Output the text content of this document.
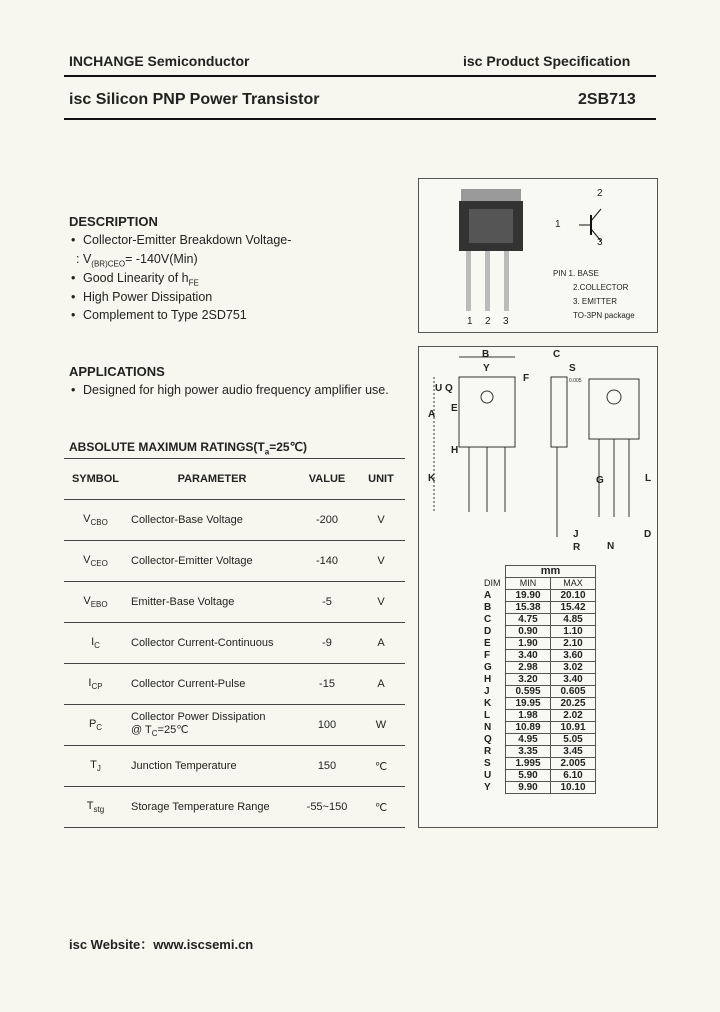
INCHANGE Semiconductor	isc Product Specification
isc Silicon PNP Power Transistor	2SB713
DESCRIPTION
• Collector-Emitter Breakdown Voltage-
: $V_{(BR)CEO}= -140V(Min)$
• Good Linearity of $h_{FE}$
• High Power Dissipation
• Complement to Type 2SD751
APPLICATIONS
• Designed for high power audio frequency amplifier use.
ABSOLUTE MAXIMUM $RATINGS(T_a=25℃)$
SYMBOL	PARAMETER	VALUE	UNIT
$V_{CBO}$	Collector-Base Voltage	-200	V
$V_{CEO}$	Collector-Emitter Voltage	-140	V
$V_{EBO}$	Emitter-Base Voltage	-5	V
$I_C$	Collector Current-Continuous	-9	A
$I_{CP}$	Collector Current-Pulse	-15	A
$P_C$	Collector Power Dissipation
@ $T_C=25℃$	100	W
$T_J$	Junction Temperature	150	℃
$T_{stg}$	Storage Temperature Range	-55~150	℃
1 2 3
1
2
3
PIN 1. BASE
2.COLLECTOR
3. EMITTER
TO-3PN package
B	C
Y	S
U Q
F
A
E
H
K	G	L
J
R	N
D
0.005
	mm	
DIM	MIN	MAX
A	19.90	20.10
B	15.38	15.42
C	4.75	4.85
D	0.90	1.10
E	1.90	2.10
F	3.40	3.60
G	2.98	3.02
H	3.20	3.40
J	0.595	0.605
K	19.95	20.25
L	1.98	2.02
N	10.89	10.91
Q	4.95	5.05
R	3.35	3.45
S	1.995	2.005
U	5.90	6.10
Y	9.90	10.10
isc Website：www.iscsemi.cn
